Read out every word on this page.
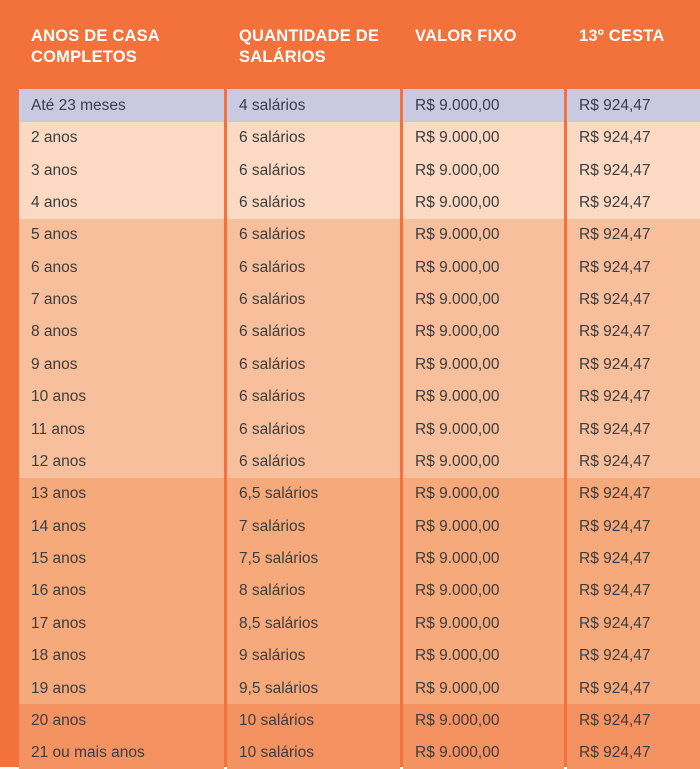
ANOS DE CASA COMPLETOS	QUANTIDADE DE SALÁRIOS	VALOR FIXO	13º CESTA
Até 23 meses	4 salários	R$ 9.000,00	R$ 924,47
2 anos	6 salários	R$ 9.000,00	R$ 924,47
3 anos	6 salários	R$ 9.000,00	R$ 924,47
4 anos	6 salários	R$ 9.000,00	R$ 924,47
5 anos	6 salários	R$ 9.000,00	R$ 924,47
6 anos	6 salários	R$ 9.000,00	R$ 924,47
7 anos	6 salários	R$ 9.000,00	R$ 924,47
8 anos	6 salários	R$ 9.000,00	R$ 924,47
9 anos	6 salários	R$ 9.000,00	R$ 924,47
10 anos	6 salários	R$ 9.000,00	R$ 924,47
11 anos	6 salários	R$ 9.000,00	R$ 924,47
12 anos	6 salários	R$ 9.000,00	R$ 924,47
13 anos	6,5 salários	R$ 9.000,00	R$ 924,47
14 anos	7 salários	R$ 9.000,00	R$ 924,47
15 anos	7,5 salários	R$ 9.000,00	R$ 924,47
16 anos	8 salários	R$ 9.000,00	R$ 924,47
17 anos	8,5 salários	R$ 9.000,00	R$ 924,47
18 anos	9 salários	R$ 9.000,00	R$ 924,47
19 anos	9,5 salários	R$ 9.000,00	R$ 924,47
20 anos	10 salários	R$ 9.000,00	R$ 924,47
21 ou mais anos	10 salários	R$ 9.000,00	R$ 924,47
